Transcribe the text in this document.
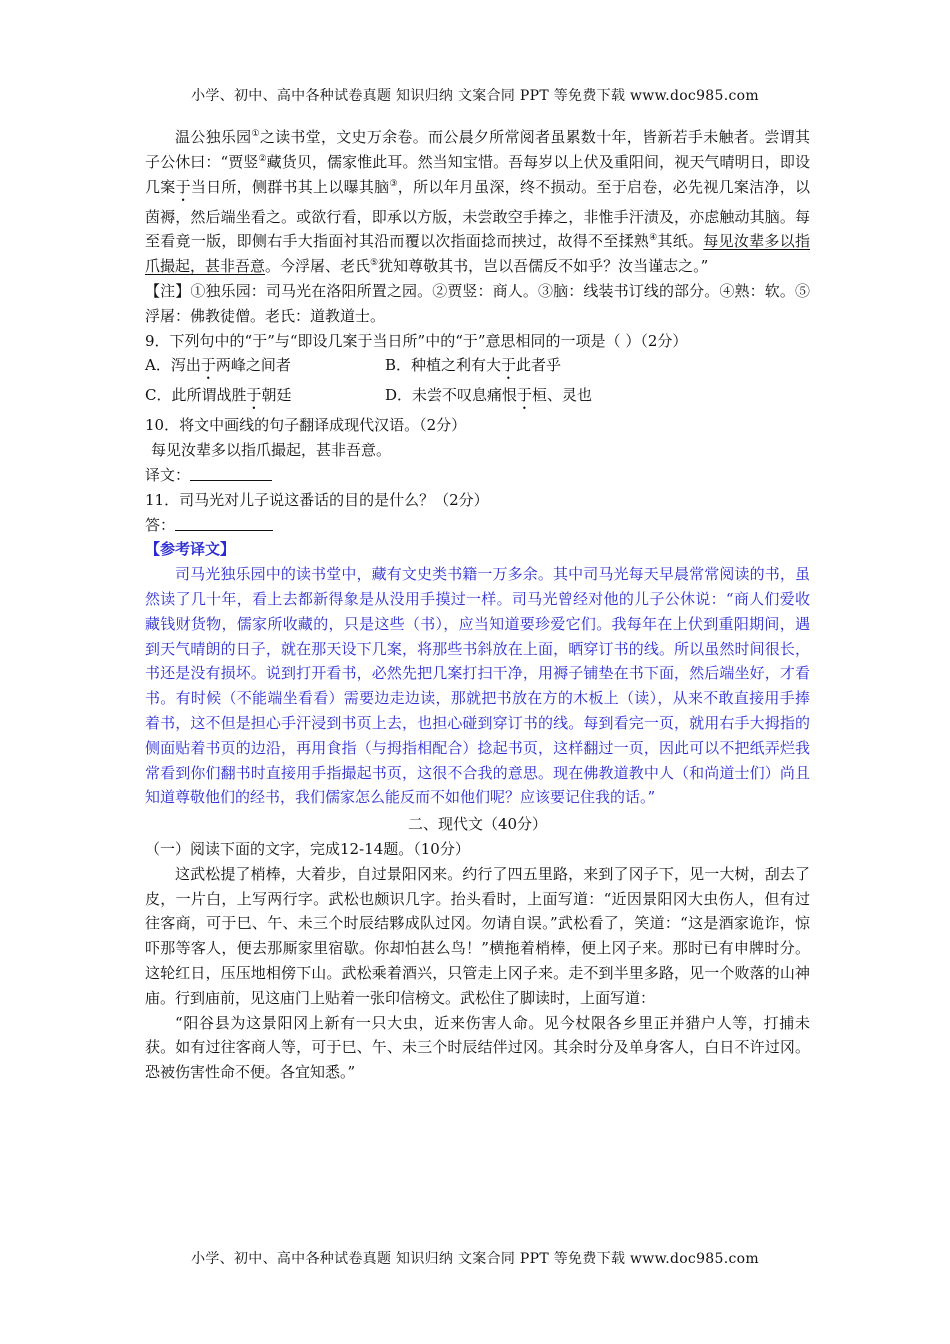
小学、初中、高中各种试卷真题 知识归纳 文案合同 PPT 等免费下载 www.doc985.com

温公独乐园①之读书堂，文史万余卷。而公晨夕所常阅者虽累数十年，皆新若手未触者。尝谓其子公休曰：“贾竖②藏货贝，儒家惟此耳。然当知宝惜。吾每岁以上伏及重阳间，视天气晴明日，即设几案于当日所，侧群书其上以曝其脑③，所以年月虽深，终不损动。至于启卷，必先视几案洁净，以茵褥，然后端坐看之。或欲行看，即承以方版，未尝敢空手捧之，非惟手汗渍及，亦虑触动其脑。每至看竟一版，即侧右手大指面衬其沿而覆以次指面捻而挟过，故得不至揉熟④其纸。每见汝辈多以指爪撮起，甚非吾意。今浮屠、老氏⑤犹知尊敬其书，岂以吾儒反不如乎？汝当谨志之。”

【注】①独乐园：司马光在洛阳所置之园。②贾竖：商人。③脑：线装书订线的部分。④熟：软。⑤浮屠：佛教徒僧。老氏：道教道士。

9．下列句中的“于”与“即设几案于当日所”中的“于”意思相同的一项是（ ）（2分）

A．泻出于两峰之间者	B．种植之利有大于此者乎
C．此所谓战胜于朝廷	D．未尝不叹息痛恨于桓、灵也

10．将文中画线的句子翻译成现代汉语。（2分）

每见汝辈多以指爪撮起，甚非吾意。

译文：

11．司马光对儿子说这番话的目的是什么？（2分）

答：

【参考译文】

司马光独乐园中的读书堂中，藏有文史类书籍一万多余。其中司马光每天早晨常常阅读的书，虽然读了几十年，看上去都新得象是从没用手摸过一样。司马光曾经对他的儿子公休说：“商人们爱收藏钱财货物，儒家所收藏的，只是这些（书），应当知道要珍爱它们。我每年在上伏到重阳期间，遇到天气晴朗的日子，就在那天设下几案，将那些书斜放在上面，晒穿订书的线。所以虽然时间很长，书还是没有损坏。说到打开看书，必然先把几案打扫干净，用褥子铺垫在书下面，然后端坐好，才看书。有时候（不能端坐看看）需要边走边读，那就把书放在方的木板上（读），从来不敢直接用手捧着书，这不但是担心手汗浸到书页上去，也担心碰到穿订书的线。每到看完一页，就用右手大拇指的侧面贴着书页的边沿，再用食指（与拇指相配合）捻起书页，这样翻过一页，因此可以不把纸弄烂我常看到你们翻书时直接用手指撮起书页，这很不合我的意思。现在佛教道教中人（和尚道士们）尚且知道尊敬他们的经书，我们儒家怎么能反而不如他们呢？应该要记住我的话。”

二、现代文（40分）

（一）阅读下面的文字，完成12-14题。（10分）

这武松提了梢棒，大着步，自过景阳冈来。约行了四五里路，来到了冈子下，见一大树，刮去了皮，一片白，上写两行字。武松也颇识几字。抬头看时，上面写道：“近因景阳冈大虫伤人，但有过往客商，可于巳、午、未三个时辰结夥成队过冈。勿请自误。”武松看了，笑道：“这是酒家诡诈，惊吓那等客人，便去那厮家里宿歇。你却怕甚么鸟！”横拖着梢棒，便上冈子来。那时已有申牌时分。这轮红日，压压地相傍下山。武松乘着酒兴，只管走上冈子来。走不到半里多路，见一个败落的山神庙。行到庙前，见这庙门上贴着一张印信榜文。武松住了脚读时，上面写道：

“阳谷县为这景阳冈上新有一只大虫，近来伤害人命。见今杖限各乡里正并猎户人等，打捕未获。如有过往客商人等，可于巳、午、未三个时辰结伴过冈。其余时分及单身客人，白日不许过冈。恐被伤害性命不便。各宜知悉。”

小学、初中、高中各种试卷真题 知识归纳 文案合同 PPT 等免费下载 www.doc985.com
